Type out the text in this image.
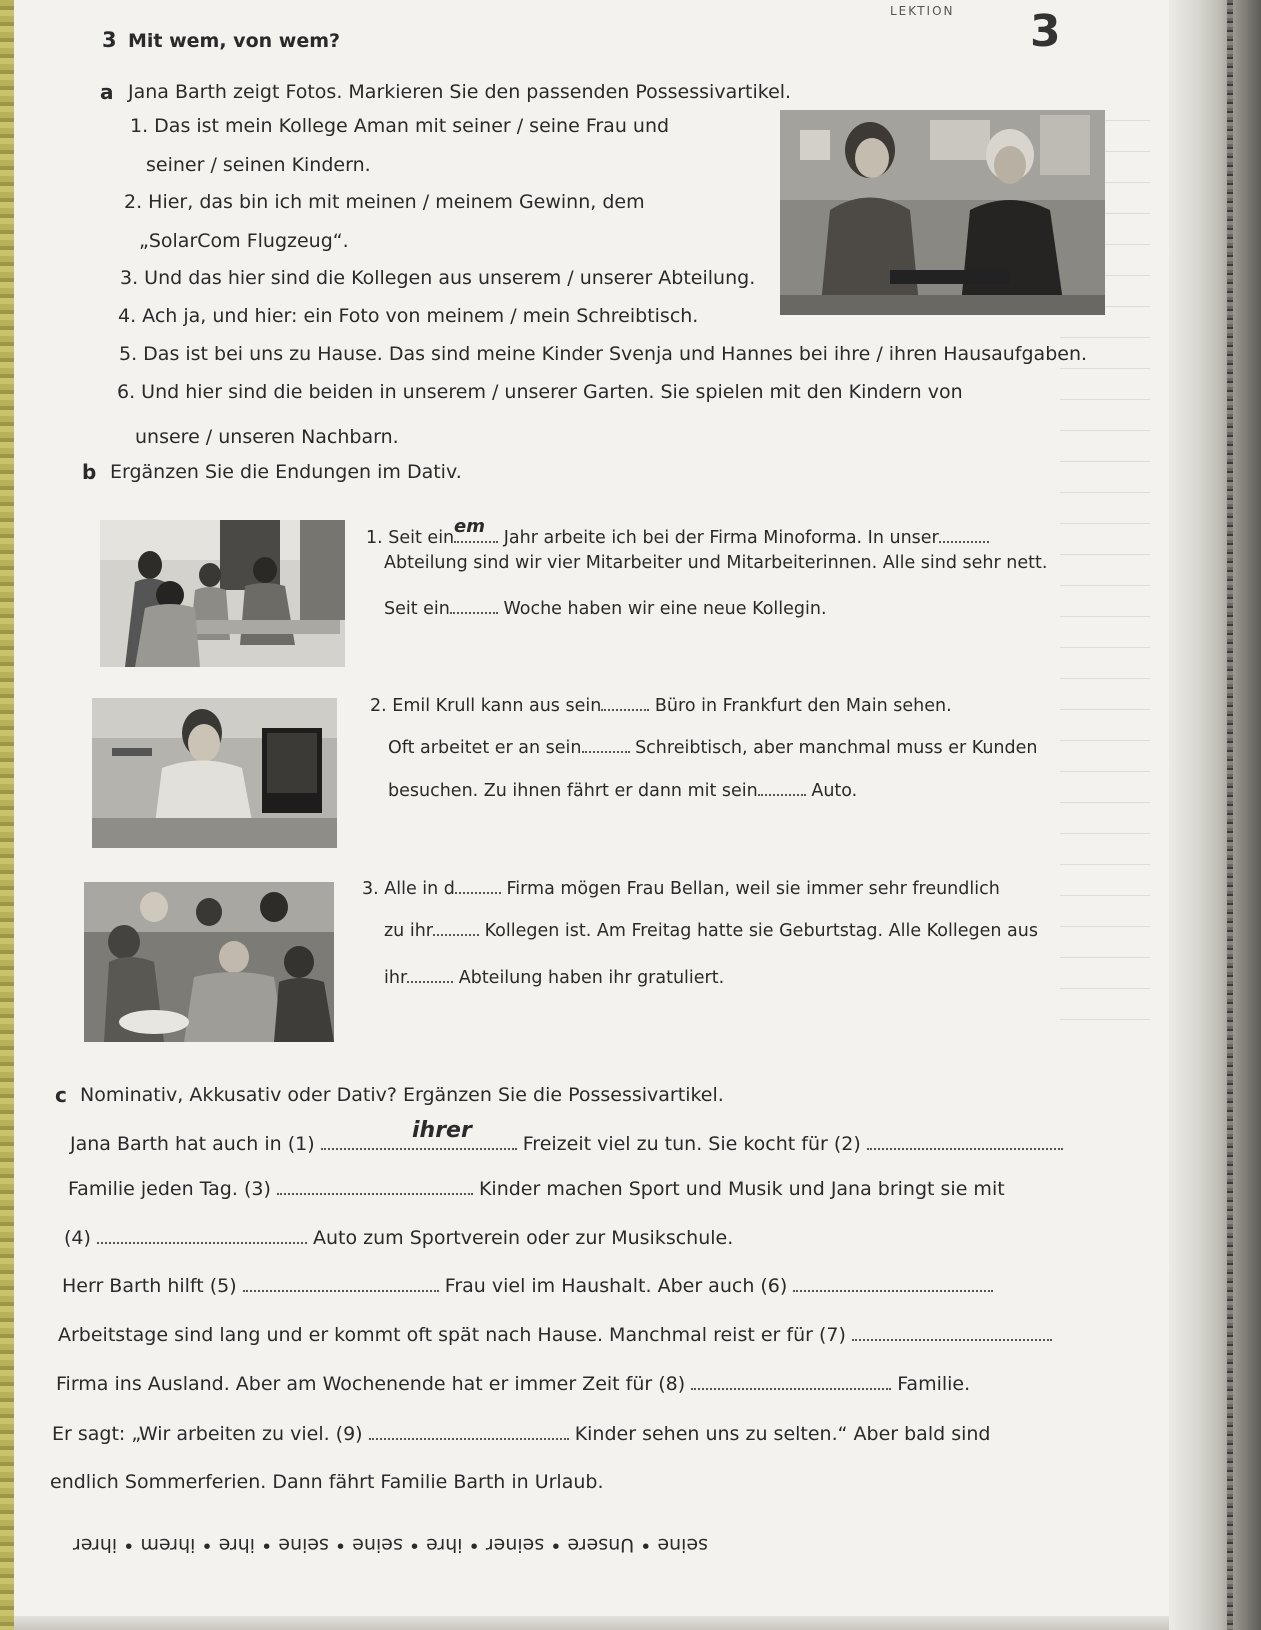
LEKTION 3
3 Mit wem, von wem?
a Jana Barth zeigt Fotos. Markieren Sie den passenden Possessivartikel.
1. Das ist mein Kollege Aman mit seiner / seine Frau und
seiner / seinen Kindern.
2. Hier, das bin ich mit meinen / meinem Gewinn, dem
„SolarCom Flugzeug“.
3. Und das hier sind die Kollegen aus unserem / unserer Abteilung.
4. Ach ja, und hier: ein Foto von meinem / mein Schreibtisch.
5. Das ist bei uns zu Hause. Das sind meine Kinder Svenja und Hannes bei ihre / ihren Hausaufgaben.
6. Und hier sind die beiden in unserem / unserer Garten. Sie spielen mit den Kindern von
unsere / unseren Nachbarn.
b Ergänzen Sie die Endungen im Dativ.
1. Seit ein	Jahr arbeite ich bei der Firma Minoforma. In unser
em
Abteilung sind wir vier Mitarbeiter und Mitarbeiterinnen. Alle sind sehr nett.
Seit ein	Woche haben wir eine neue Kollegin.
2. Emil Krull kann aus sein	Büro in Frankfurt den Main sehen.
Oft arbeitet er an sein	Schreibtisch, aber manchmal muss er Kunden
besuchen. Zu ihnen fährt er dann mit sein	Auto.
3. Alle in d	Firma mögen Frau Bellan, weil sie immer sehr freundlich
zu ihr	Kollegen ist. Am Freitag hatte sie Geburtstag. Alle Kollegen aus
ihr	Abteilung haben ihr gratuliert.
c Nominativ, Akkusativ oder Dativ? Ergänzen Sie die Possessivartikel.
Jana Barth hat auch in (1)	Freizeit viel zu tun. Sie kocht für (2)
ihrer
Familie jeden Tag. (3)	Kinder machen Sport und Musik und Jana bringt sie mit
(4)	Auto zum Sportverein oder zur Musikschule.
Herr Barth hilft (5)	Frau viel im Haushalt. Aber auch (6)
Arbeitstage sind lang und er kommt oft spät nach Hause. Manchmal reist er für (7)
Firma ins Ausland. Aber am Wochenende hat er immer Zeit für (8)	Familie.
Er sagt: „Wir arbeiten zu viel. (9)	Kinder sehen uns zu selten.“ Aber bald sind
endlich Sommerferien. Dann fährt Familie Barth in Urlaub.
seine • Unsere • seiner • ihre • seine • seine • ihre • ihrem • ihrer
